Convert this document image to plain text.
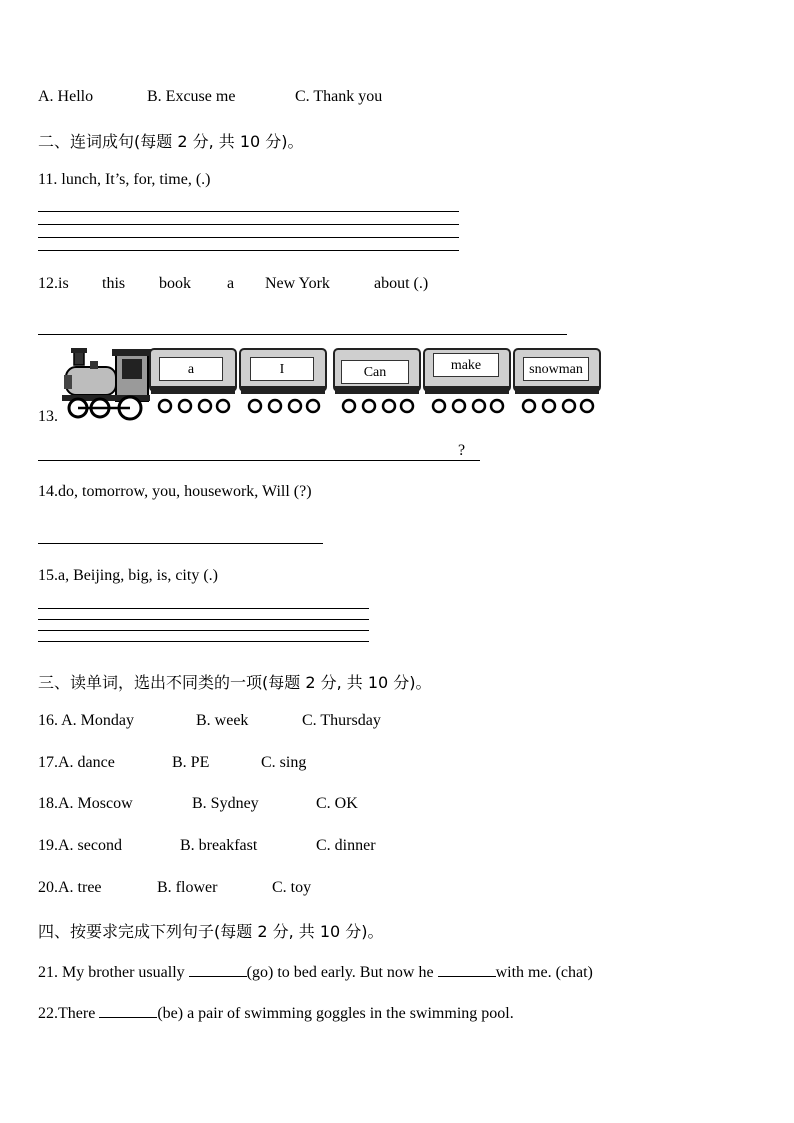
A. Hello	B. Excuse me	C. Thank you
二、连词成句(每题 2 分, 共 10 分)。
11. lunch, It’s, for, time, (.)
12.is this book a New York	about (.)
13.
a	I	Can	make	snowman
?
14.do, tomorrow, you, housework, Will (?)
15.a, Beijing, big, is, city (.)
三、读单词，选出不同类的一项(每题 2 分, 共 10 分)。
16. A. Monday	B. week	C. Thursday
17.A. dance	B. PE	C. sing
18.A. Moscow	B. Sydney	C. OK
19.A. second	B. breakfast	C. dinner
20.A. tree	B. flower	C. toy
四、按要求完成下列句子(每题 2 分, 共 10 分)。
21. My brother usually	(go) to bed early. But now he	with me. (chat)
22.There	(be) a pair of swimming goggles in the swimming pool.
